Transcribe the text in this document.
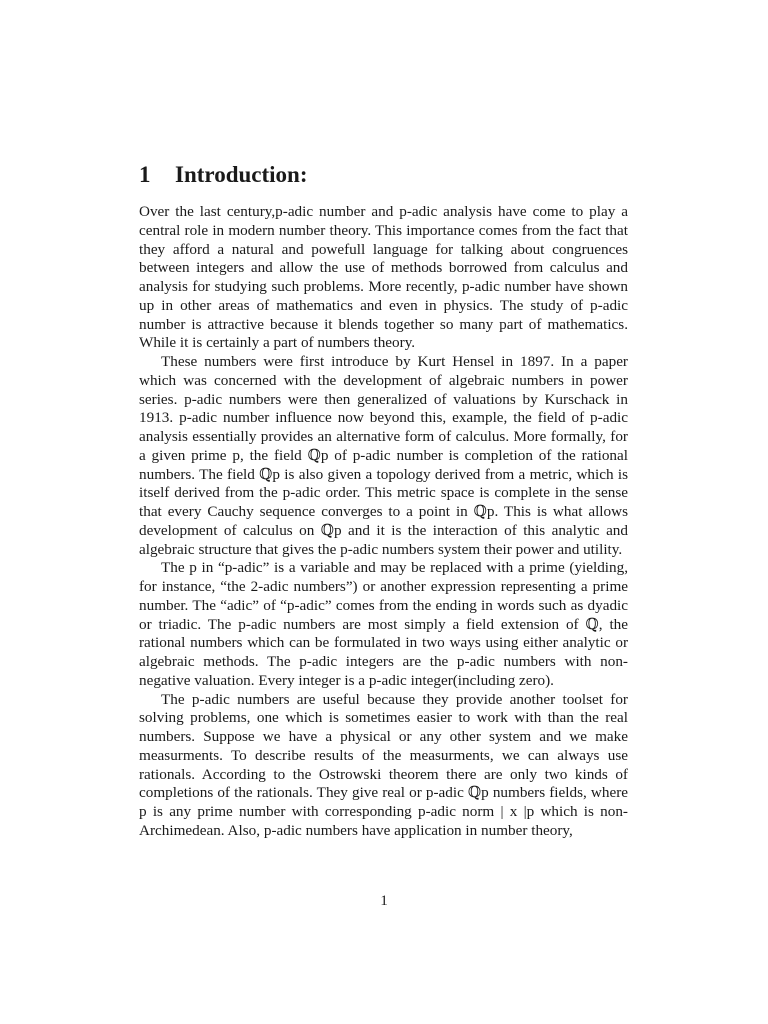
1 Introduction:

Over the last century,p-adic number and p-adic analysis have come to play a central role in modern number theory. This importance comes from the fact that they afford a natural and powefull language for talking about congruences between integers and allow the use of methods borrowed from calculus and analysis for studying such problems. More recently, p-adic number have shown up in other areas of mathematics and even in physics. The study of p-adic number is attractive because it blends together so many part of mathematics. While it is certainly a part of numbers theory.

These numbers were first introduce by Kurt Hensel in 1897. In a paper which was concerned with the development of algebraic numbers in power series. p-adic numbers were then generalized of valuations by Kurschack in 1913. p-adic number influence now beyond this, example, the field of p-adic analysis essentially provides an alternative form of calculus. More formally, for a given prime p, the field ℚp of p-adic number is completion of the rational numbers. The field ℚp is also given a topology derived from a metric, which is itself derived from the p-adic order. This metric space is complete in the sense that every Cauchy sequence converges to a point in ℚp. This is what allows development of calculus on ℚp and it is the interaction of this analytic and algebraic structure that gives the p-adic numbers system their power and utility.

The p in “p-adic” is a variable and may be replaced with a prime (yielding, for instance, “the 2-adic numbers”) or another expression representing a prime number. The “adic” of “p-adic” comes from the ending in words such as dyadic or triadic. The p-adic numbers are most simply a field extension of ℚ, the rational numbers which can be formulated in two ways using either analytic or algebraic methods. The p-adic integers are the p-adic numbers with non-negative valuation. Every integer is a p-adic integer(including zero).

The p-adic numbers are useful because they provide another toolset for solving problems, one which is sometimes easier to work with than the real numbers. Suppose we have a physical or any other system and we make measurments. To describe results of the measurments, we can always use rationals. According to the Ostrowski theorem there are only two kinds of completions of the rationals. They give real or p-adic ℚp numbers fields, where p is any prime number with corresponding p-adic norm | x |p which is non-Archimedean. Also, p-adic numbers have application in number theory,

1
